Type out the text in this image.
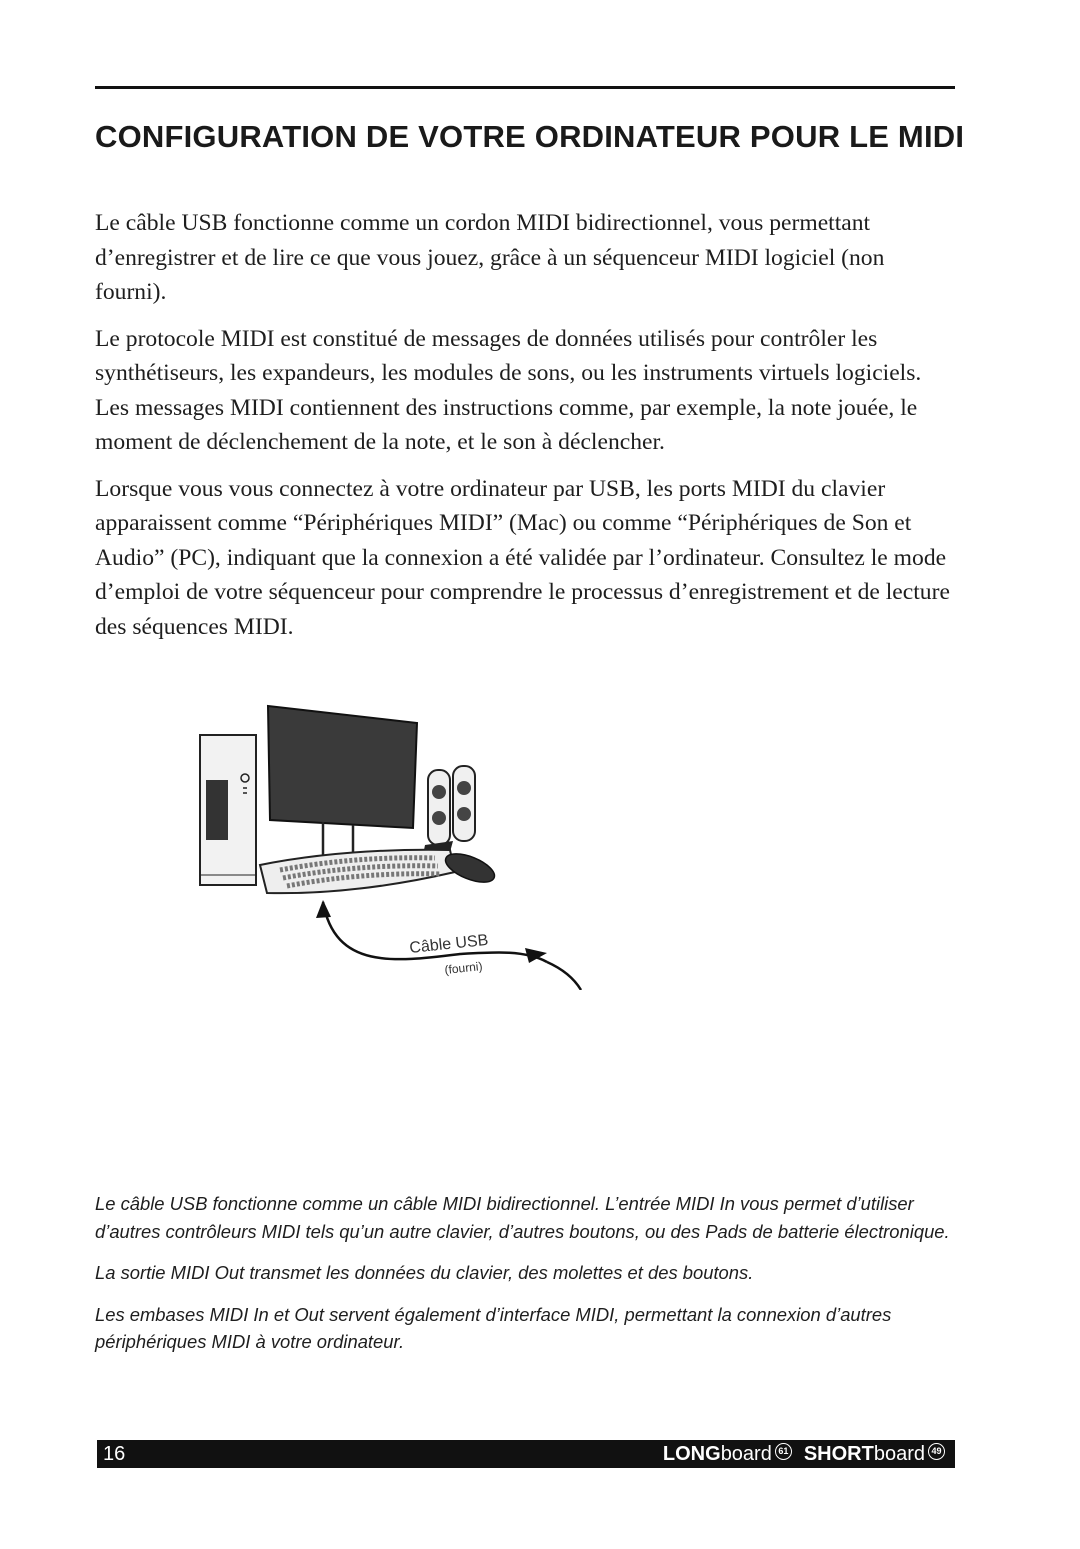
CONFIGURATION DE VOTRE ORDINATEUR POUR LE MIDI

Le câble USB fonctionne comme un cordon MIDI bidirectionnel, vous permettant d’enregistrer et de lire ce que vous jouez, grâce à un séquenceur MIDI logiciel (non fourni).

Le protocole MIDI est constitué de messages de données utilisés pour contrôler les synthétiseurs, les expandeurs, les modules de sons, ou les instruments virtuels logiciels. Les messages MIDI contiennent des instructions comme, par exemple, la note jouée, le moment de déclenchement de la note, et le son à déclencher.

Lorsque vous vous connectez à votre ordinateur par USB, les ports MIDI du clavier apparaissent comme “Périphériques MIDI” (Mac) ou comme “Périphériques de Son et Audio” (PC), indiquant que la connexion a été validée par l’ordinateur. Consultez le mode d’emploi de votre séquenceur pour comprendre le processus d’enregistrement et de lecture des séquences MIDI.

Câble USB
(fourni)

Le câble USB fonctionne comme un câble MIDI bidirectionnel. L’entrée MIDI In vous permet d’utiliser d’autres contrôleurs MIDI tels qu’un autre clavier, d’autres boutons, ou des Pads de batterie électronique.

La sortie MIDI Out transmet les données du clavier, des molettes et des boutons.

Les embases MIDI In et Out servent également d’interface MIDI, permettant la connexion d’autres périphériques MIDI à votre ordinateur.

16	LONGboard 61 SHORTboard 49
